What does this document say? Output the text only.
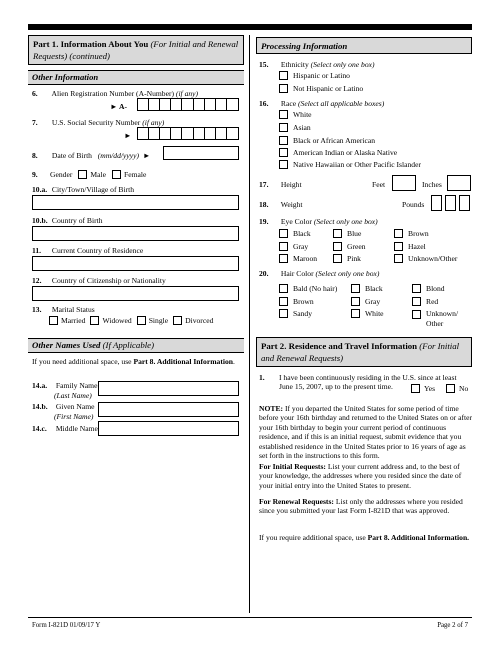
Part 1. Information About You (For Initial and Renewal Requests) (continued)
Other Information
6. Alien Registration Number (A-Number) (if any)
► A-
7. U.S. Social Security Number (if any)
►
8. Date of Birth (mm/dd/yyyy) ►
9.	Gender Male Female
10.a. City/Town/Village of Birth
10.b. Country of Birth
11. Current Country of Residence
12. Country of Citizenship or Nationality
13. Marital Status
Married Widowed Single Divorced
Other Names Used (If Applicable)
If you need additional space, use Part 8. Additional Information.
14.a. Family Name
(Last Name)
14.b. Given Name
(First Name)
14.c. Middle Name
Processing Information
15. Ethnicity (Select only one box)
Hispanic or Latino
Not Hispanic or Latino
16. Race (Select all applicable boxes)
White
Asian
Black or African American
American Indian or Alaska Native
Native Hawaiian or Other Pacific Islander
17. Height	Feet	Inches
18. Weight	Pounds
19. Eye Color (Select only one box)
Black	Blue	Brown
Gray	Green	Hazel
Maroon	Pink	Unknown/Other
20. Hair Color (Select only one box)
Bald (No hair)	Black	Blond
Brown	Gray	Red
Sandy	White	Unknown/ Other
Part 2. Residence and Travel Information (For Initial and Renewal Requests)
1. I have been continuously residing in the U.S. since at least June 15, 2007, up to the present time.	Yes	No

NOTE: If you departed the United States for some period of time before your 16th birthday and returned to the United States on or after your 16th birthday to begin your current period of continuous residence, and if this is an initial request, submit evidence that you established residence in the United States prior to 16 years of age as set forth in the instructions to this form.

For Initial Requests: List your current address and, to the best of your knowledge, the addresses where you resided since the date of your initial entry into the United States to present.

For Renewal Requests: List only the addresses where you resided since you submitted your last Form I-821D that was approved.

If you require additional space, use Part 8. Additional Information.

Form I-821D 01/09/17 Y	Page 2 of 7
